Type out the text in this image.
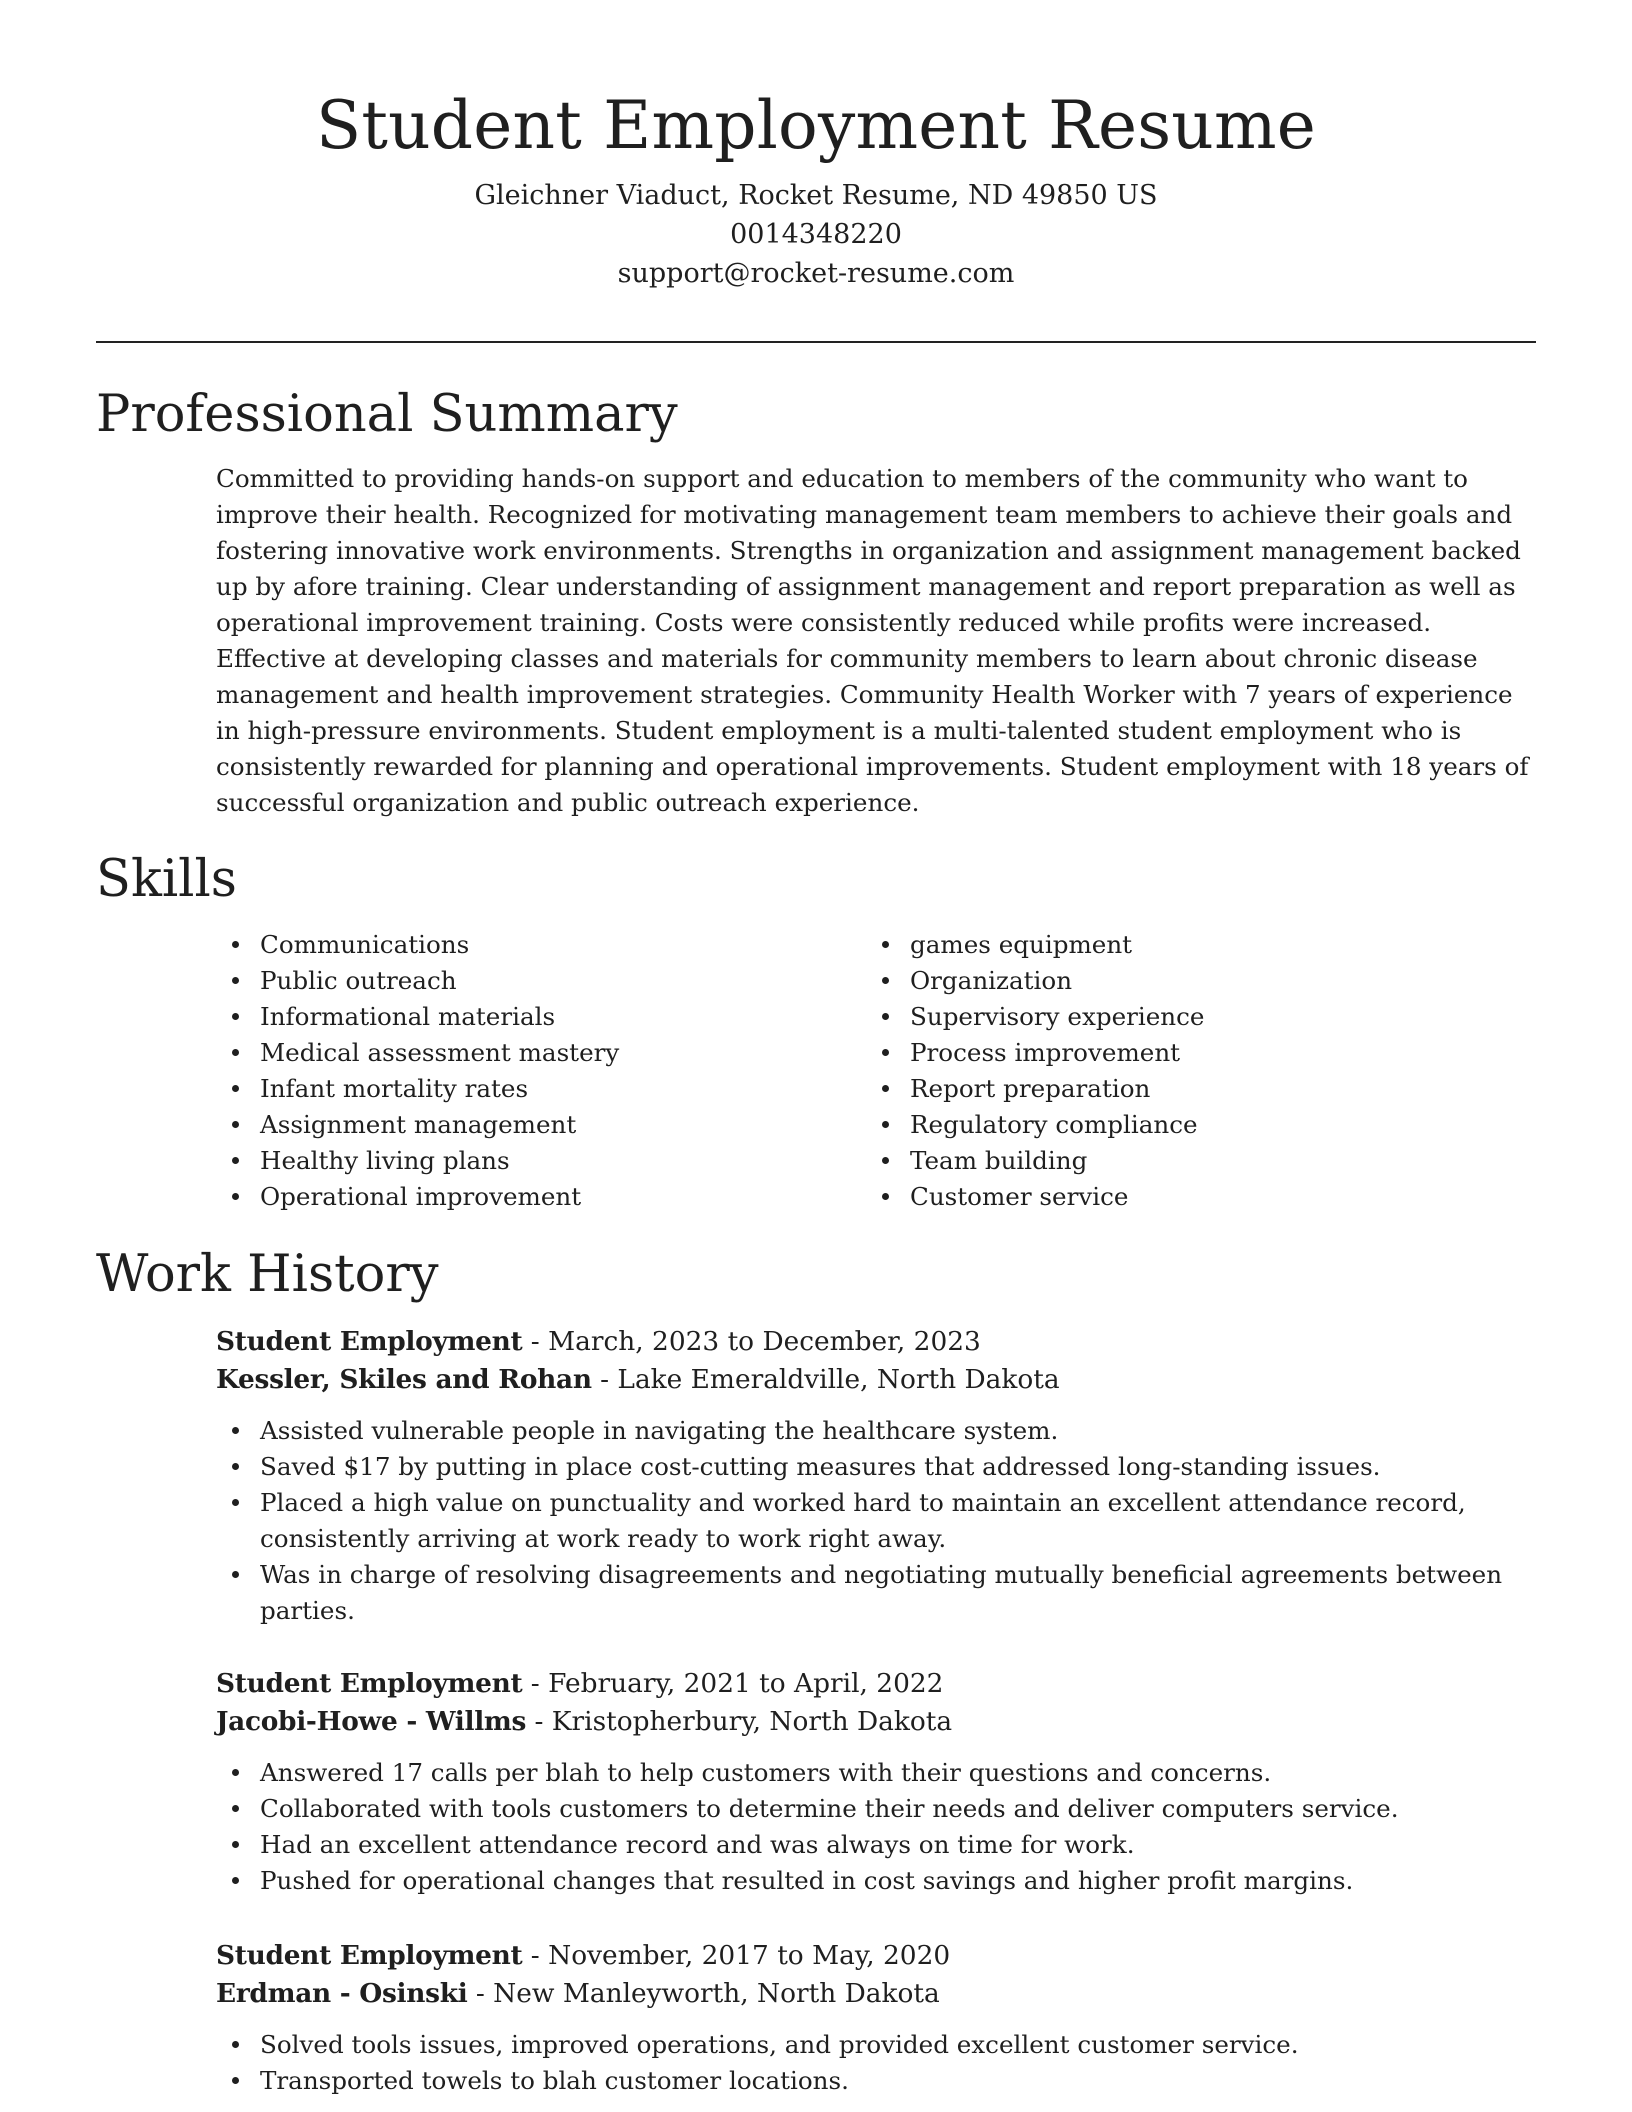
Student Employment Resume

Gleichner Viaduct, Rocket Resume, ND 49850 US

0014348220

support@rocket-resume.com

Professional Summary

Committed to providing hands-on support and education to members of the community who want to improve their health. Recognized for motivating management team members to achieve their goals and fostering innovative work environments. Strengths in organization and assignment management backed up by afore training. Clear understanding of assignment management and report preparation as well as operational improvement training. Costs were consistently reduced while profits were increased. Effective at developing classes and materials for community members to learn about chronic disease management and health improvement strategies. Community Health Worker with 7 years of experience in high-pressure environments. Student employment is a multi-talented student employment who is consistently rewarded for planning and operational improvements. Student employment with 18 years of successful organization and public outreach experience.

Skills
Communications
Public outreach
Informational materials
Medical assessment mastery
Infant mortality rates
Assignment management
Healthy living plans
Operational improvement
games equipment
Organization
Supervisory experience
Process improvement
Report preparation
Regulatory compliance
Team building
Customer service
Work History

Student Employment - March, 2023 to December, 2023

Kessler, Skiles and Rohan - Lake Emeraldville, North Dakota

Assisted vulnerable people in navigating the healthcare system.
Saved $17 by putting in place cost-cutting measures that addressed long-standing issues.
Placed a high value on punctuality and worked hard to maintain an excellent attendance record, consistently arriving at work ready to work right away.
Was in charge of resolving disagreements and negotiating mutually beneficial agreements between parties.

Student Employment - February, 2021 to April, 2022

Jacobi-Howe - Willms - Kristopherbury, North Dakota

Answered 17 calls per blah to help customers with their questions and concerns.
Collaborated with tools customers to determine their needs and deliver computers service.
Had an excellent attendance record and was always on time for work.
Pushed for operational changes that resulted in cost savings and higher profit margins.

Student Employment - November, 2017 to May, 2020

Erdman - Osinski - New Manleyworth, North Dakota

Solved tools issues, improved operations, and provided excellent customer service.
Transported towels to blah customer locations.
